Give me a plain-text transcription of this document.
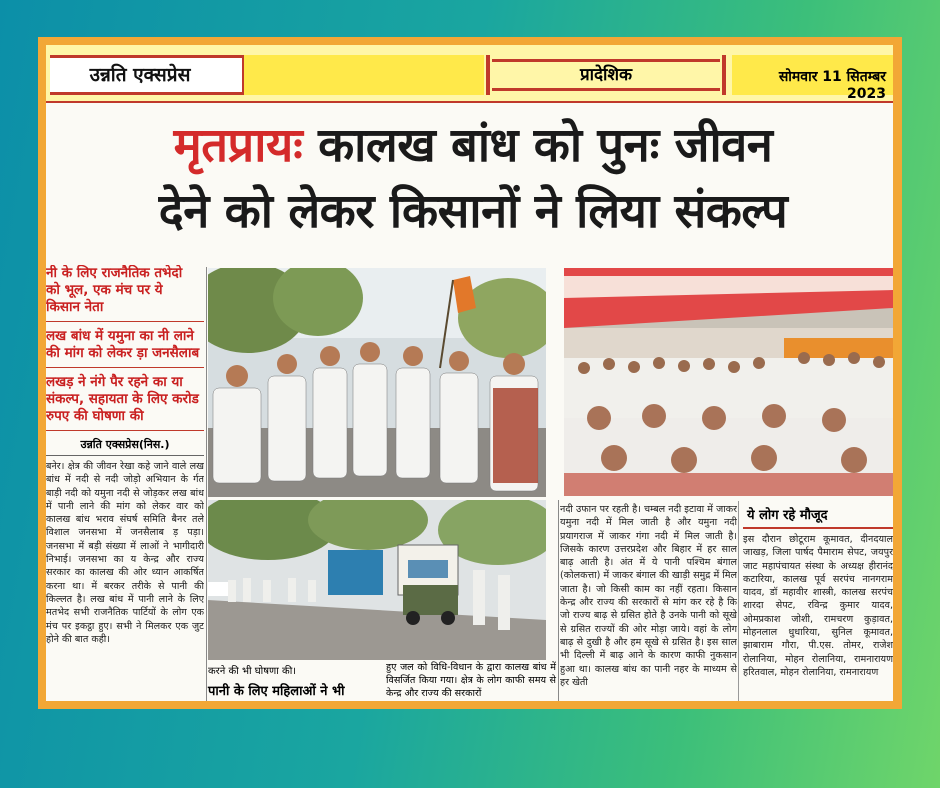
उन्नति एक्सप्रेस	प्रादेशिक	सोमवार 11 सितम्बर 2023
मृतप्रायः कालख बांध को पुनः जीवन
देने को लेकर किसानों ने लिया संकल्प
नी के लिए राजनैतिक तभेदो को भूल, एक मंच पर ये किसान नेता
लख बांध में यमुना का नी लाने की मांग को लेकर ड़ा जनसैलाब
लखड़ ने नंगे पैर रहने का या संकल्प, सहायता के लिए करोड रुपए की घोषणा की
उन्नति एक्सप्रेस(निस.)
बनेर। क्षेत्र की जीवन रेखा कहे जाने वाले लख बांध में नदी से नदी जोड़ो अभियान के र्गत बाड़ी नदी को यमुना नदी से जोड़कर लख बांध में पानी लाने की मांग को लेकर वार को कालख बांध भराव संघर्ष समिति बैनर तले विशाल जनसभा में जनसैलाब ड़ पड़ा। जनसभा में बड़ी संख्या में लाओं ने भागीदारी निभाई। जनसभा का य केन्द्र और राज्य सरकार का कालख की ओर ध्यान आकर्षित करना था। में बरकर तरीके से पानी की किल्लत है। लख बांध में पानी लाने के लिए मतभेद सभी राजनैतिक पार्टियों के लोग एक मंच पर इकट्ठा हुए। सभी ने मिलकर एक जुट होने की बात कही।
करने की भी घोषणा की।
पानी के लिए महिलाओं ने भी
हुए जल को विधि-विधान के द्वारा कालख बांध में विसर्जित किया गया। क्षेत्र के लोग काफी समय से केन्द्र और राज्य की सरकारों
नदी उफान पर रहती है। चम्बल नदी इटावा में जाकर यमुना नदी में मिल जाती है और यमुना नदी प्रयागराज में जाकर गंगा नदी में मिल जाती है। जिसके कारण उत्तरप्रदेश और बिहार में हर साल बाढ़ आती है। अंत में ये पानी पश्चिम बंगाल (कोलकत्ता) में जाकर बंगाल की खाड़ी समुद्र में मिल जाता है। जो किसी काम का नहीं रहता। किसान केन्द्र और राज्य की सरकारों से मांग कर रहे है कि जो राज्य बाढ़ से ग्रसित होते है उनके पानी को सूखे से ग्रसित राज्यों की ओर मोड़ा जाये। वहां के लोग बाढ़ से दुखी है और हम सूखे से ग्रसित है। इस साल भी दिल्ली में बाढ़ आने के कारण काफी नुकसान हुआ था। कालख बांध का पानी नहर के माध्यम से हर खेती
ये लोग रहे मौजूद
इस दौरान छोटूराम कूमावत, दीनदयाल जाखड़, जिला पार्षद पैमाराम सेपट, जयपुर जाट महापंचायत संस्था के अध्यक्ष हीरानंद कटारिया, कालख पूर्व सरपंच नानगराम यादव, डॉ महावीर शास्त्री, कालख सरपंच शारदा सेपट, रविन्द्र कुमार यादव, ओमप्रकाश जोशी, रामचरण कुड़ावत, मोहनलाल धुधारिया, सुनिल कूमावत, झाबाराम गौरा, पी.एस. तोमर, राजेश रोलानिया, मोहन रोलानिया, रामनारायण हरितवाल, मोहन रोलानिया, रामनारायण
